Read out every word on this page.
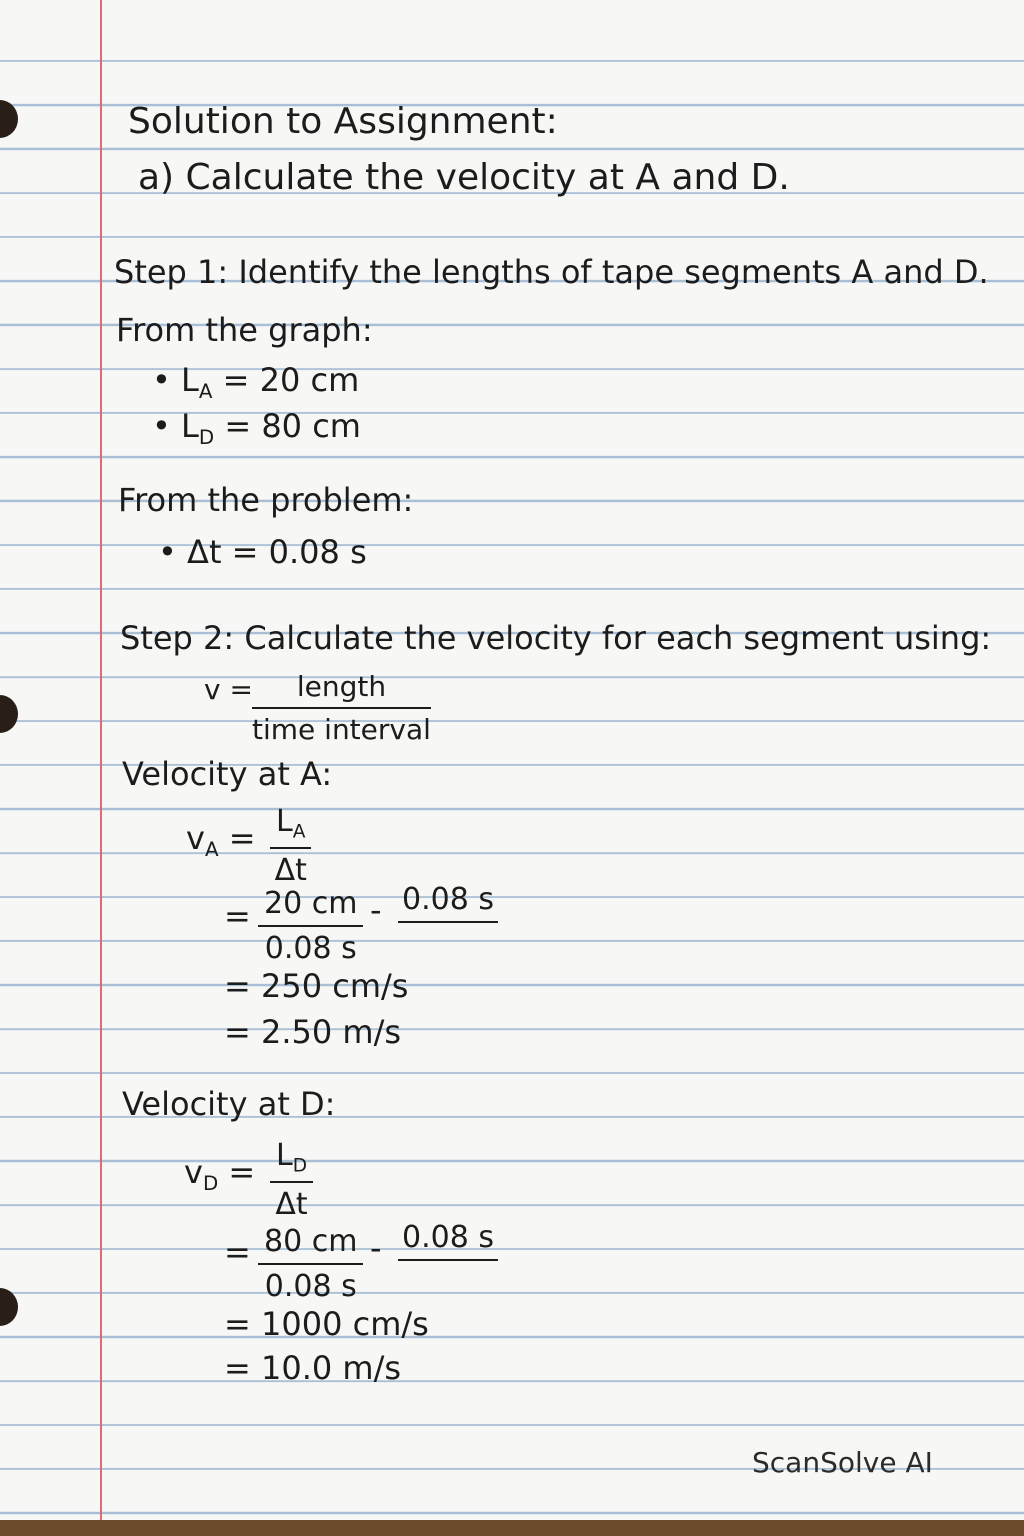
Solution to Assignment:
a) Calculate the velocity at A and D.
Step 1: Identify the lengths of tape segments A and D.
From the graph:
• $L_A = 20$ cm
• $L_D = 80$ cm
From the problem:
• Δt = 0.08 s
Step 2: Calculate the velocity for each segment using:
v =	length
time interval
Velocity at A:
$v_A = \frac{L_A}{\Delta t}$
= $\frac{20 cm}{0.08 s} - 0.08$ s
= 250 cm/s
= 2.50 m/s
Velocity at D:
$v_D = \frac{L_D}{\Delta t}$
= $\frac{80 cm}{0.08 s} - 0.08$ s
= 1000 cm/s
= 10.0 m/s
ScanSolve AI
